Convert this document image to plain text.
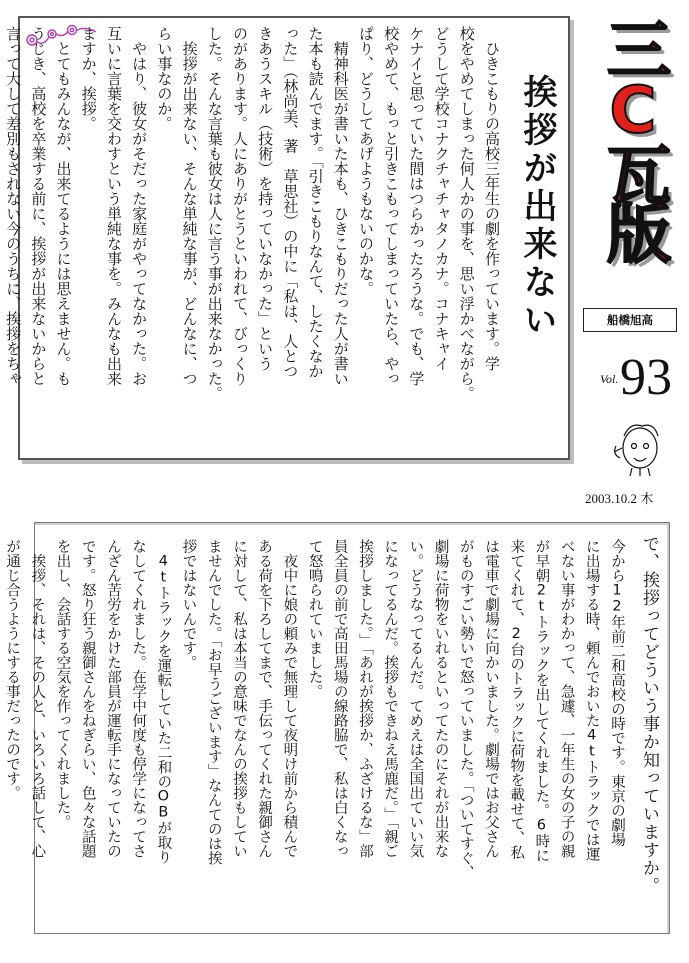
挨拶が出来ない
　ひきこもりの高校三年生の劇を作っています。学
校をやめてしまった何人かの事を、思い浮かべながら。
どうして学校コナクチャチャタノカナ。コナキャイ
ケナイと思っていた間はつらかったろうな。でも、学
校やめて、もっと引きこもってしまっていたら、やっ
ぱり、どうしてあげようもないのかな。
　精神科医が書いた本も、ひきこもりだった人が書い
た本も読んでます。「引きこもりなんて、したくなか
った」（林尚美、著　草思社）の中に「私は、人とつ
きあうスキル（技術）を持っていなかった」という
のがあります。人にありがとうといわれて、びっくり
した。そんな言葉も彼女は人に言う事が出来なかった。
　挨拶が出来ない、そんな単純な事が、どんなに、つ
らい事なのか。
　やはり、彼女がそだった家庭がやってなかった。お
互いに言葉を交わすという単純な事を。みんなも出来
ますか、挨拶。
　とてもみんなが、出来てるようには思えません。も
うじき、高校を卒業する前に、挨拶が出来ないからと
言って大して差別もされない今のうちに、挨拶をちゃ	三C瓦版
船橋旭高
Vol. 93
2003.10.2 木
で、挨拶ってどういう事か知っていますか。
今から12年前二和高校の時です。東京の劇場
に出場する時、頼んでおいた4tトラックでは運
べない事がわかって、急遽、一年生の女の子の親
が早朝2tトラックを出してくれました。6時に
来てくれて、2台のトラックに荷物を載せて、私
は電車で劇場に向かいました。劇場ではお父さん
がものすごい勢いで怒っていました。「ついてすぐ、
劇場に荷物をいれるといってたのにそれが出来な
い。どうなってるんだ。てめえは全国出ていい気
になってるんだ。挨拶もできねえ馬鹿だ。」「親ご
挨拶しました。」「あれが挨拶か、ふざけるな」部
員全員の前で高田馬場の線路脇で、私は白くなっ
て怒鳴られていました。
　夜中に娘の頼みで無理して夜明け前から積んで
ある荷を下ろしてまで、手伝ってくれた親御さん
に対して、私は本当の意味でなんの挨拶もしてい
ませんでした。「お早うございます」なんてのは挨
拶ではないんです。
　4tトラックを運転していた二和のOBが取り
なしてくれました。在学中何度も停学になってさ
んざん苦労をかけた部員が運転手になっていたの
です。怒り狂う親御さんをねぎらい、色々な話題
を出し、会話する空気を作ってくれました。
　挨拶、それは、その人と、いろいろ話して、心
が通じ合うようにする事だったのです。
